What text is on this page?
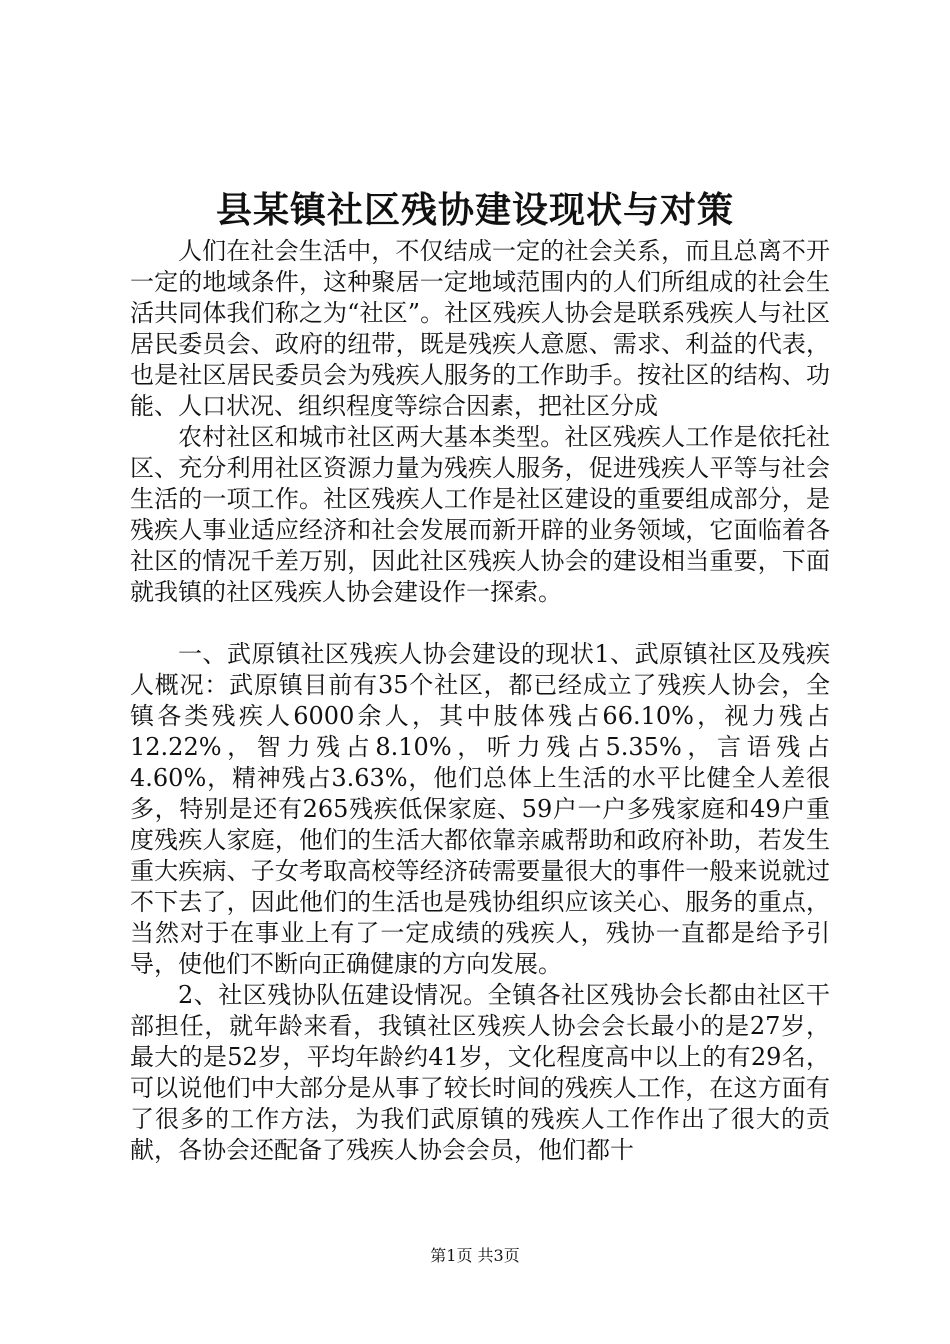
县某镇社区残协建设现状与对策

人们在社会生活中，不仅结成一定的社会关系，而且总离不开一定的地域条件，这种聚居一定地域范围内的人们所组成的社会生活共同体我们称之为“社区”。社区残疾人协会是联系残疾人与社区居民委员会、政府的纽带，既是残疾人意愿、需求、利益的代表，也是社区居民委员会为残疾人服务的工作助手。按社区的结构、功能、人口状况、组织程度等综合因素，把社区分成

农村社区和城市社区两大基本类型。社区残疾人工作是依托社区、充分利用社区资源力量为残疾人服务，促进残疾人平等与社会生活的一项工作。社区残疾人工作是社区建设的重要组成部分，是残疾人事业适应经济和社会发展而新开辟的业务领域，它面临着各社区的情况千差万别，因此社区残疾人协会的建设相当重要，下面就我镇的社区残疾人协会建设作一探索。

一、武原镇社区残疾人协会建设的现状1、武原镇社区及残疾人概况：武原镇目前有35个社区，都已经成立了残疾人协会，全镇各类残疾人6000余人，其中肢体残占66.10%，视力残占12.22%，智力残占8.10%，听力残占5.35%，言语残占4.60%，精神残占3.63%，他们总体上生活的水平比健全人差很多，特别是还有265残疾低保家庭、59户一户多残家庭和49户重度残疾人家庭，他们的生活大都依靠亲戚帮助和政府补助，若发生重大疾病、子女考取高校等经济砖需要量很大的事件一般来说就过不下去了，因此他们的生活也是残协组织应该关心、服务的重点，当然对于在事业上有了一定成绩的残疾人，残协一直都是给予引导，使他们不断向正确健康的方向发展。

2、社区残协队伍建设情况。全镇各社区残协会长都由社区干部担任，就年龄来看，我镇社区残疾人协会会长最小的是27岁，最大的是52岁，平均年龄约41岁，文化程度高中以上的有29名，可以说他们中大部分是从事了较长时间的残疾人工作，在这方面有了很多的工作方法，为我们武原镇的残疾人工作作出了很大的贡献，各协会还配备了残疾人协会会员，他们都十

第1页 共3页
